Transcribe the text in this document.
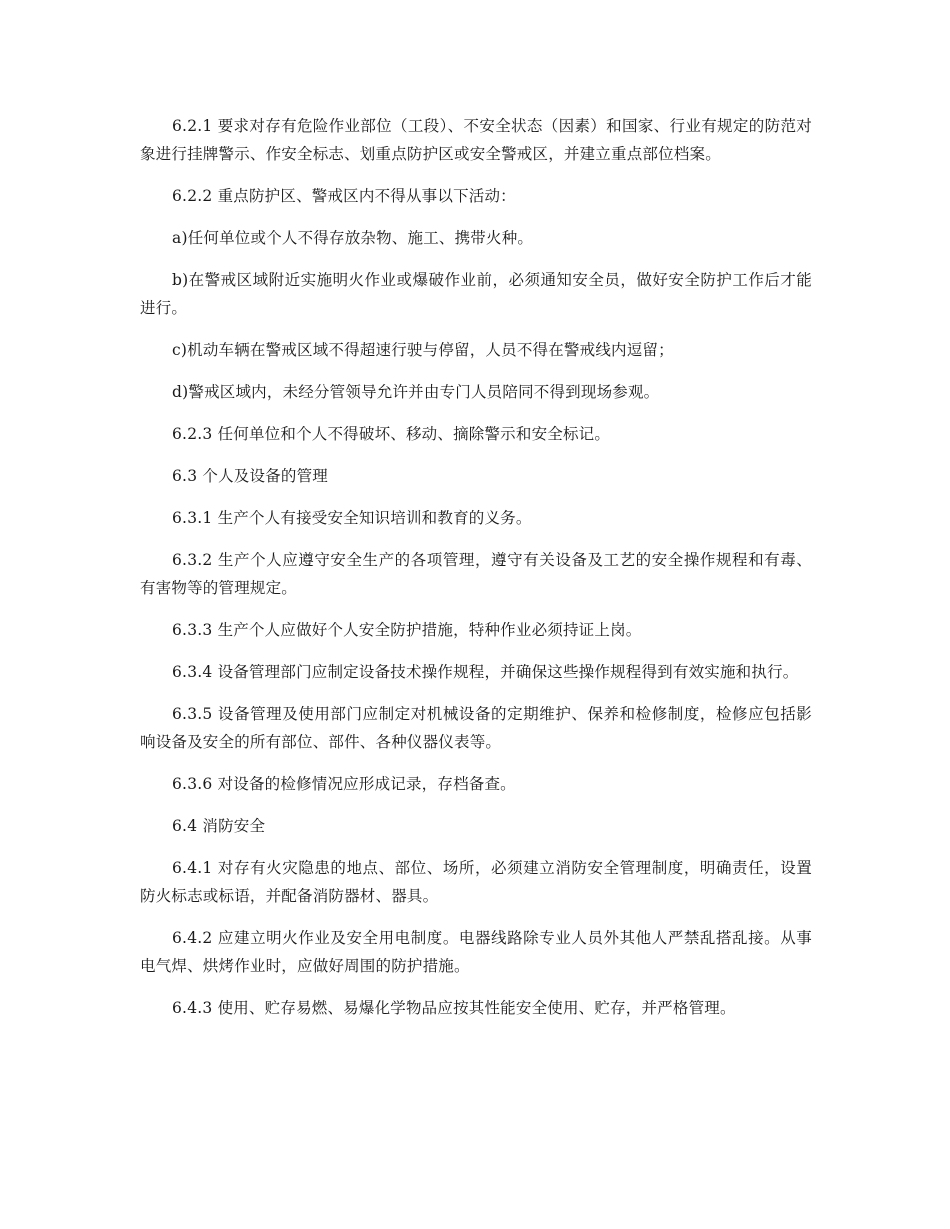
6.2.1 要求对存有危险作业部位（工段）、不安全状态（因素）和国家、行业有规定的防范对象进行挂牌警示、作安全标志、划重点防护区或安全警戒区，并建立重点部位档案。

6.2.2 重点防护区、警戒区内不得从事以下活动：

a)任何单位或个人不得存放杂物、施工、携带火种。

b)在警戒区域附近实施明火作业或爆破作业前，必须通知安全员，做好安全防护工作后才能进行。

c)机动车辆在警戒区域不得超速行驶与停留，人员不得在警戒线内逗留；

d)警戒区域内，未经分管领导允许并由专门人员陪同不得到现场参观。

6.2.3 任何单位和个人不得破坏、移动、摘除警示和安全标记。

6.3 个人及设备的管理

6.3.1 生产个人有接受安全知识培训和教育的义务。

6.3.2 生产个人应遵守安全生产的各项管理，遵守有关设备及工艺的安全操作规程和有毒、有害物等的管理规定。

6.3.3 生产个人应做好个人安全防护措施，特种作业必须持证上岗。

6.3.4 设备管理部门应制定设备技术操作规程，并确保这些操作规程得到有效实施和执行。

6.3.5 设备管理及使用部门应制定对机械设备的定期维护、保养和检修制度，检修应包括影响设备及安全的所有部位、部件、各种仪器仪表等。

6.3.6 对设备的检修情况应形成记录，存档备查。

6.4 消防安全

6.4.1 对存有火灾隐患的地点、部位、场所，必须建立消防安全管理制度，明确责任，设置防火标志或标语，并配备消防器材、器具。

6.4.2 应建立明火作业及安全用电制度。电器线路除专业人员外其他人严禁乱搭乱接。从事电气焊、烘烤作业时，应做好周围的防护措施。

6.4.3 使用、贮存易燃、易爆化学物品应按其性能安全使用、贮存，并严格管理。
